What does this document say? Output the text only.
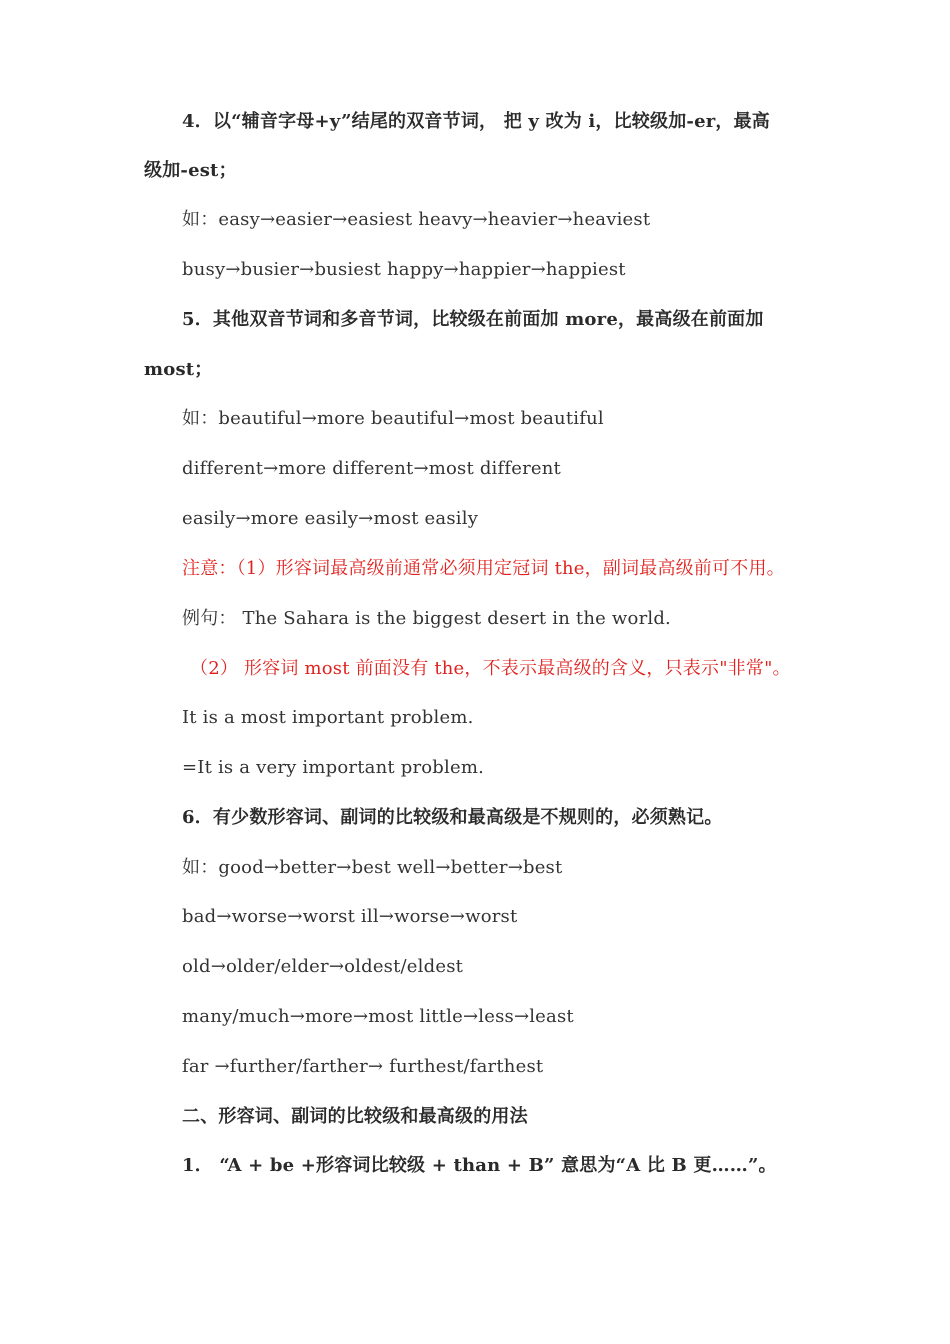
4．以“辅音字母+y”结尾的双音节词， 把 y 改为 i，比较级加-er，最高
级加-est；
如：easy→easier→easiest heavy→heavier→heaviest
busy→busier→busiest happy→happier→happiest
5．其他双音节词和多音节词，比较级在前面加 more，最高级在前面加
most；
如：beautiful→more beautiful→most beautiful
different→more different→most different
easily→more easily→most easily
注意：（1）形容词最高级前通常必须用定冠词 the，副词最高级前可不用。
例句： The Sahara is the biggest desert in the world.
（2） 形容词 most 前面没有 the，不表示最高级的含义，只表示"非常"。
It is a most important problem.
=It is a very important problem.
6．有少数形容词、副词的比较级和最高级是不规则的，必须熟记。
如：good→better→best well→better→best
bad→worse→worst ill→worse→worst
old→older/elder→oldest/eldest
many/much→more→most little→less→least
far →further/farther→ furthest/farthest
二、形容词、副词的比较级和最高级的用法
1． “A + be +形容词比较级 + than + B” 意思为“A 比 B 更……”。
